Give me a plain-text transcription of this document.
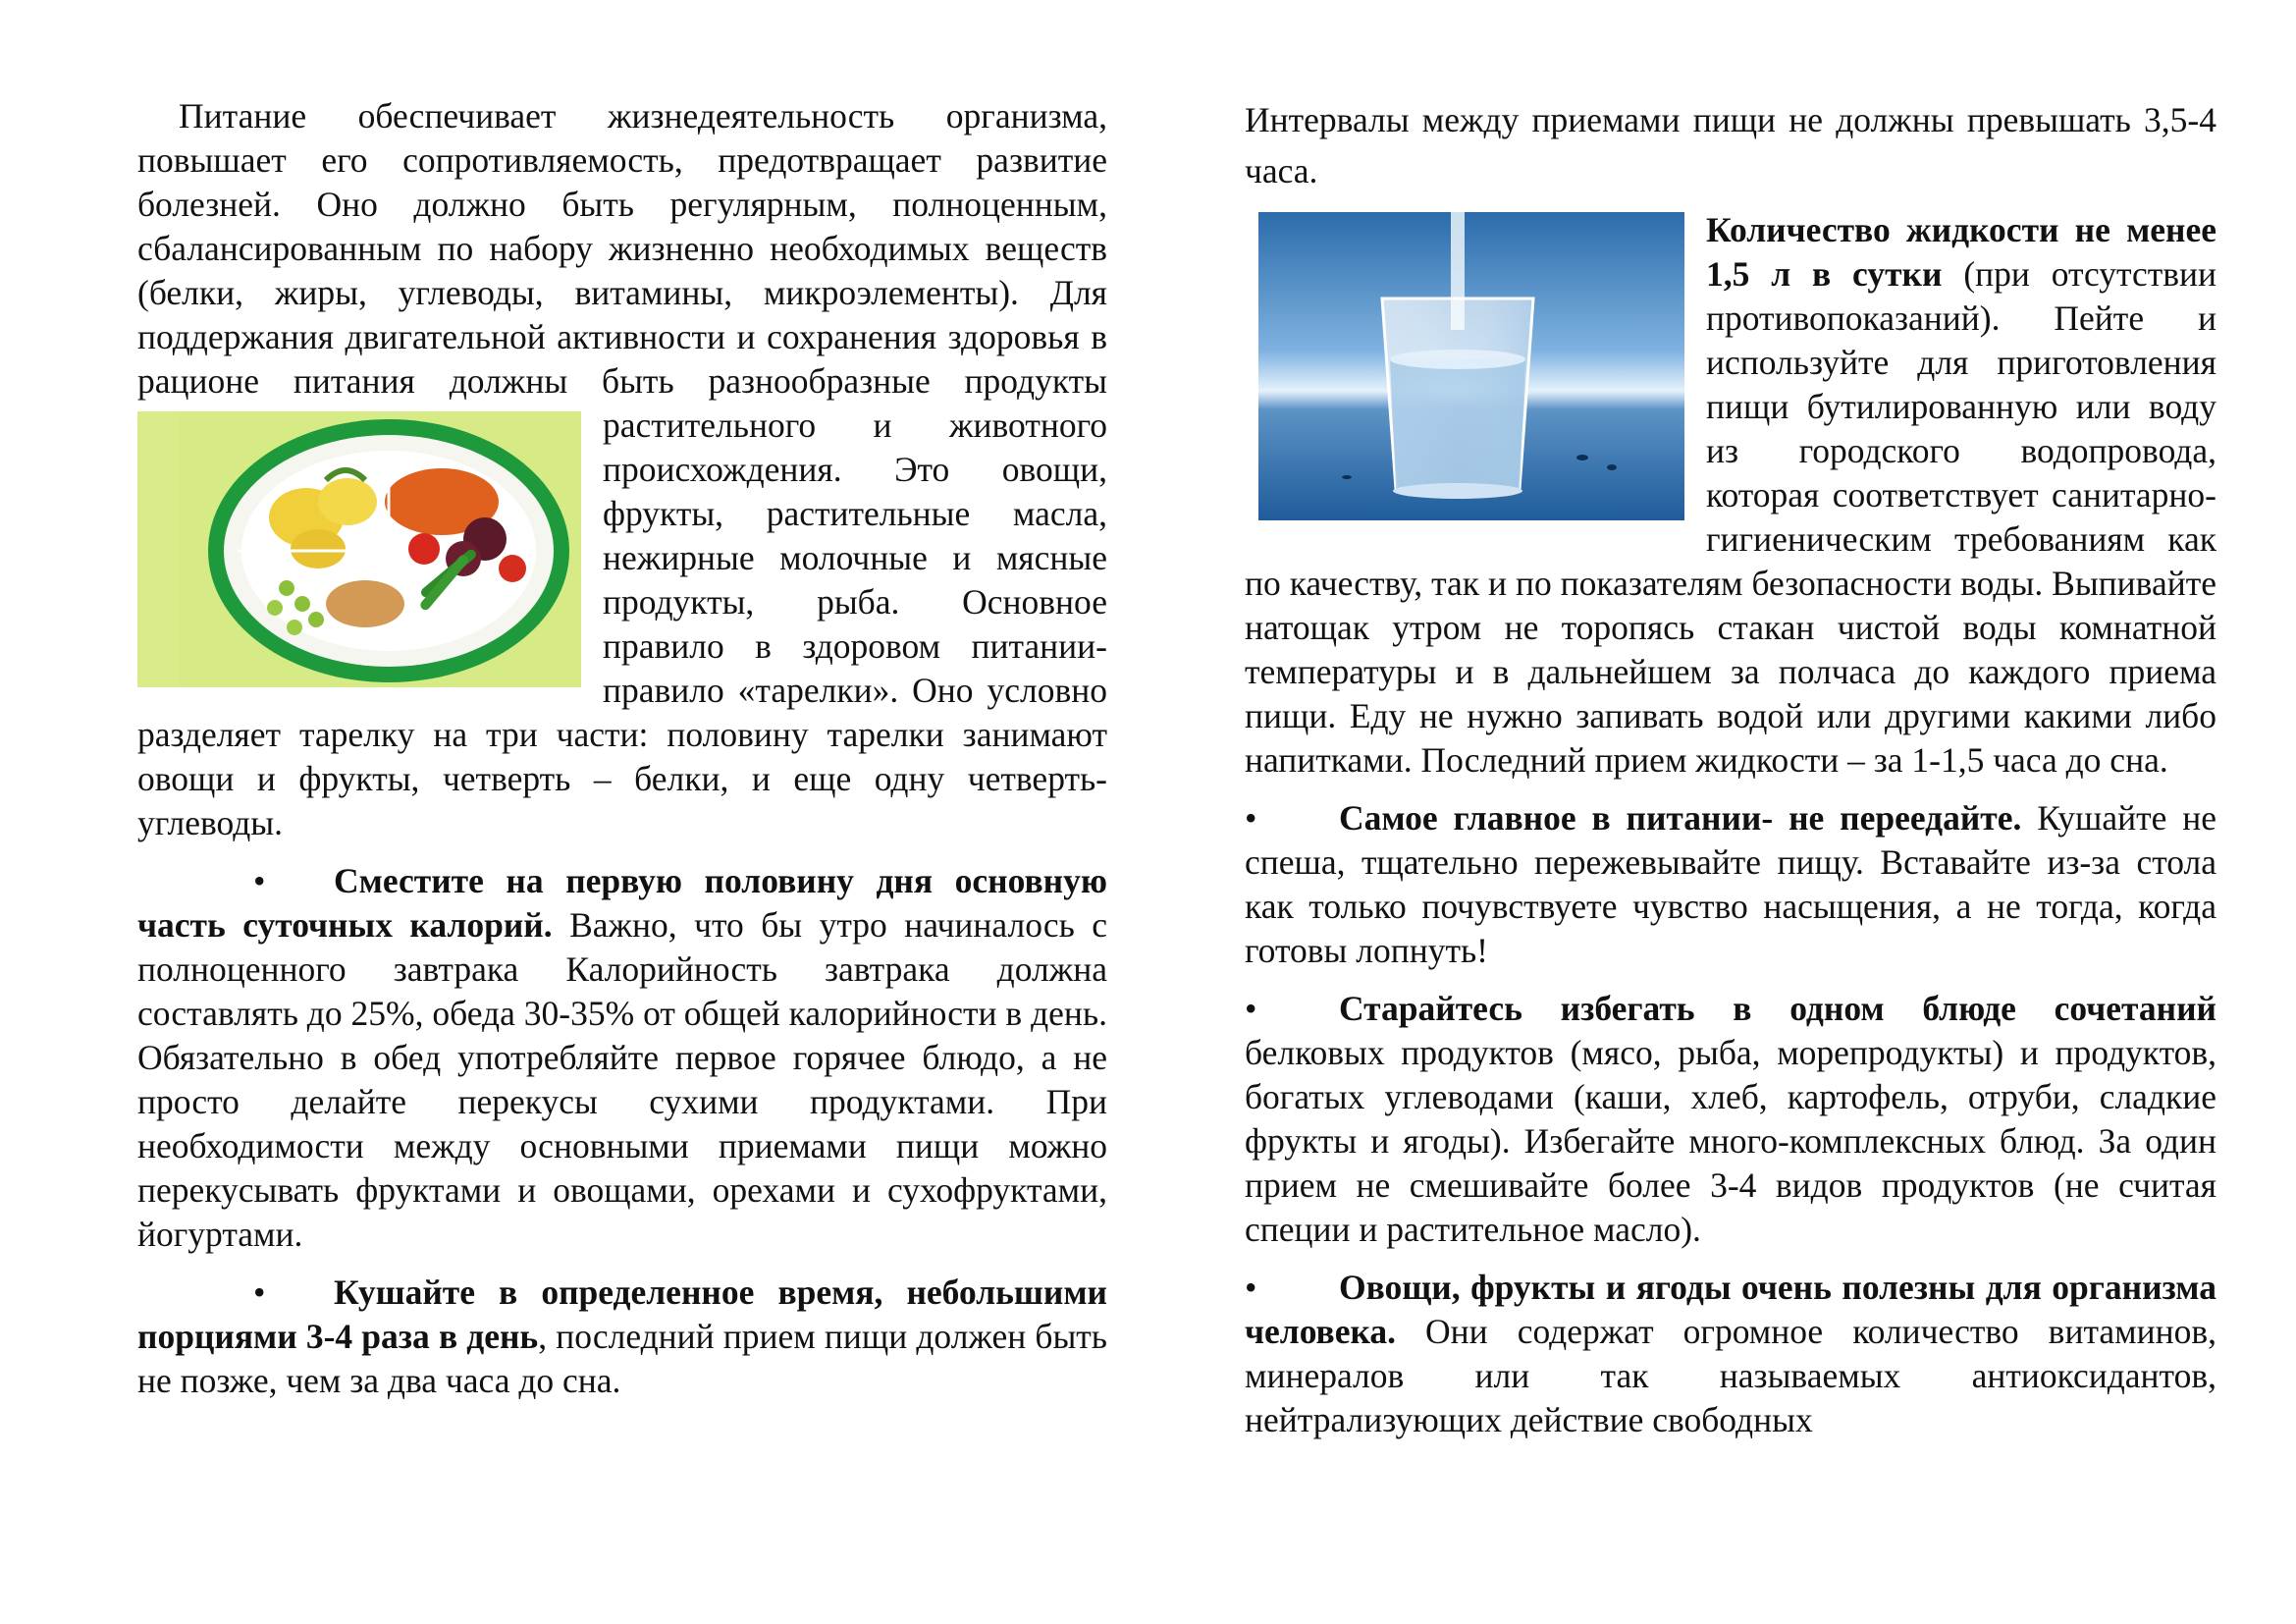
Питание обеспечивает жизнедеятельность организма, повышает его сопротивляемость, предотвращает развитие болезней. Оно должно быть регулярным, полноценным, сбалансированным по набору жизненно необходимых веществ (белки, жиры, углеводы, витамины, микроэлементы). Для поддержания двигательной активности и сохранения здоровья в рационе питания должны быть разнообразные продукты растительного и животного происхождения. Это овощи, фрукты, растительные масла, нежирные молочные и мясные продукты, рыба. Основное правило в здоровом питании- правило «тарелки». Оно условно разделяет тарелку на три части: половину тарелки занимают овощи и фрукты, четверть – белки, и еще одну четверть- углеводы.

• Сместите на первую половину дня основную часть суточных калорий. Важно, что бы утро начиналось с полноценного завтрака Калорийность завтрака должна составлять до 25%, обеда 30-35% от общей калорийности в день. Обязательно в обед употребляйте первое горячее блюдо, а не просто делайте перекусы сухими продуктами. При необходимости между основными приемами пищи можно перекусывать фруктами и овощами, орехами и сухофруктами, йогуртами.

• Кушайте в определенное время, небольшими порциями 3-4 раза в день, последний прием пищи должен быть не позже, чем за два часа до сна.

Интервалы между приемами пищи не должны превышать 3,5-4 часа.

Количество жидкости не менее 1,5 л в сутки (при отсутствии противопоказаний). Пейте и используйте для приготовления пищи бутилированную или воду из городского водопровода, которая соответствует санитарно-гигиеническим требованиям как по качеству, так и по показателям безопасности воды. Выпивайте натощак утром не торопясь стакан чистой воды комнатной температуры и в дальнейшем за полчаса до каждого приема пищи. Еду не нужно запивать водой или другими какими либо напитками. Последний прием жидкости – за 1-1,5 часа до сна.

• Самое главное в питании- не переедайте. Кушайте не спеша, тщательно пережевывайте пищу. Вставайте из-за стола как только почувствуете чувство насыщения, а не тогда, когда готовы лопнуть!

• Старайтесь избегать в одном блюде сочетаний белковых продуктов (мясо, рыба, морепродукты) и продуктов, богатых углеводами (каши, хлеб, картофель, отруби, сладкие фрукты и ягоды). Избегайте много-комплексных блюд. За один прием не смешивайте более 3-4 видов продуктов (не считая специи и растительное масло).

• Овощи, фрукты и ягоды очень полезны для организма человека. Они содержат огромное количество витаминов, минералов или так называемых антиоксидантов, нейтрализующих действие свободных
